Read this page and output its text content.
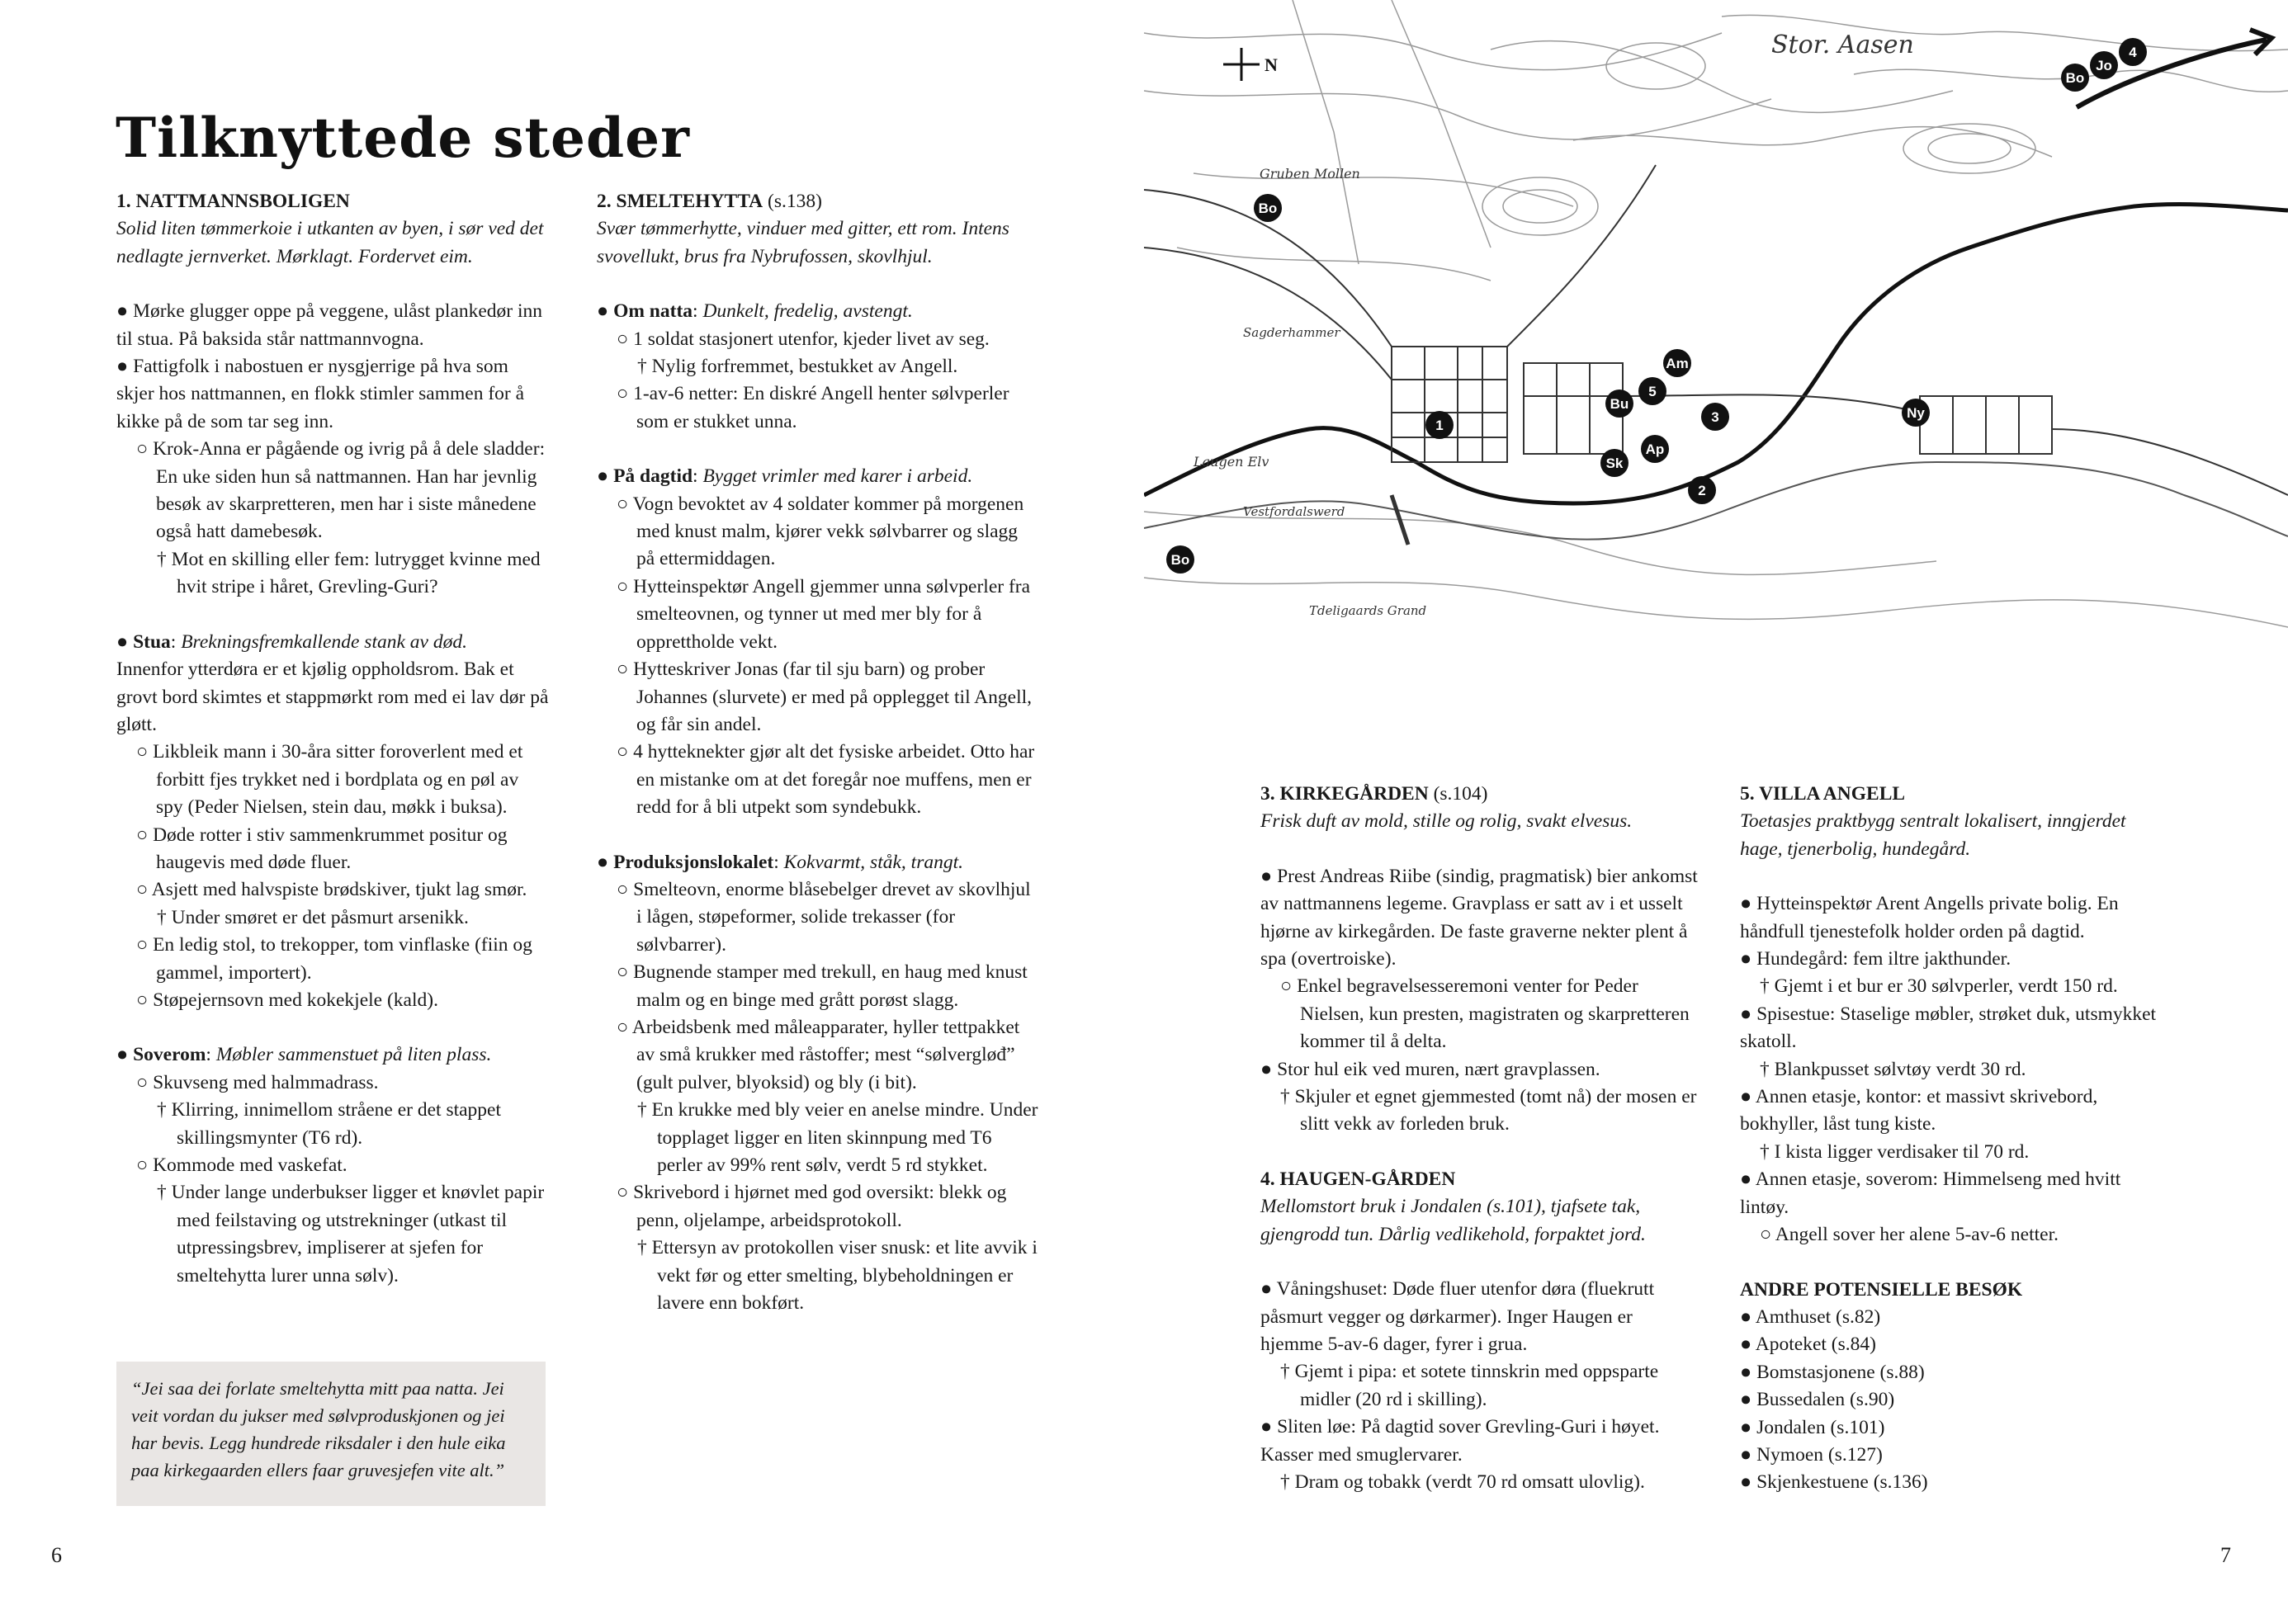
Tilknyttede steder

1. NATTMANNSBOLIGEN

Solid liten tømmerkoie i utkanten av byen, i sør ved det nedlagte jernverket. Mørklagt. Fordervet eim.

● Mørke glugger oppe på veggene, ulåst plankedør inn til stua. På baksida står nattmannvogna.

● Fattigfolk i nabostuen er nysgjerrige på hva som skjer hos nattmannen, en flokk stimler sammen for å kikke på de som tar seg inn.

○ Krok-Anna er pågående og ivrig på å dele sladder: En uke siden hun så nattmannen. Han har jevnlig besøk av skarpretteren, men har i siste månedene også hatt damebesøk.

† Mot en skilling eller fem: lutrygget kvinne med hvit stripe i håret, Grevling-Guri?

● Stua: Brekningsfremkallende stank av død.

Innenfor ytterdøra er et kjølig oppholdsrom. Bak et grovt bord skimtes et stappmørkt rom med ei lav dør på gløtt.

○ Likbleik mann i 30-åra sitter foroverlent med et forbitt fjes trykket ned i bordplata og en pøl av spy (Peder Nielsen, stein dau, møkk i buksa).

○ Døde rotter i stiv sammenkrummet positur og haugevis med døde fluer.

○ Asjett med halvspiste brødskiver, tjukt lag smør.

† Under smøret er det påsmurt arsenikk.

○ En ledig stol, to trekopper, tom vinflaske (fiin og gammel, importert).

○ Støpejernsovn med kokekjele (kald).

● Soverom: Møbler sammenstuet på liten plass.

○ Skuvseng med halmmadrass.

† Klirring, innimellom stråene er det stappet skillingsmynter (T6 rd).

○ Kommode med vaskefat.

† Under lange underbukser ligger et knøvlet papir med feilstaving og utstrekninger (utkast til utpressingsbrev, impliserer at sjefen for smeltehytta lurer unna sølv).

“Jei saa dei forlate smeltehytta mitt paa natta. Jei veit vordan du jukser med sølvproduskjonen og jei har bevis. Legg hundrede riksdaler i den hule eika paa kirkegaarden ellers faar gruvesjefen vite alt.”

2. SMELTEHYTTA (s.138)

Svær tømmerhytte, vinduer med gitter, ett rom. Intens svovellukt, brus fra Nybrufossen, skovlhjul.

● Om natta: Dunkelt, fredelig, avstengt.

○ 1 soldat stasjonert utenfor, kjeder livet av seg.

† Nylig forfremmet, bestukket av Angell.

○ 1-av-6 netter: En diskré Angell henter sølvperler som er stukket unna.

● På dagtid: Bygget vrimler med karer i arbeid.

○ Vogn bevoktet av 4 soldater kommer på morgenen med knust malm, kjører vekk sølvbarrer og slagg på ettermiddagen.

○ Hytteinspektør Angell gjemmer unna sølvperler fra smelteovnen, og tynner ut med mer bly for å opprettholde vekt.

○ Hytteskriver Jonas (far til sju barn) og prober Johannes (slurvete) er med på opplegget til Angell, og får sin andel.

○ 4 hytteknekter gjør alt det fysiske arbeidet. Otto har en mistanke om at det foregår noe muffens, men er redd for å bli utpekt som syndebukk.

● Produksjonslokalet: Kokvarmt, ståk, trangt.

○ Smelteovn, enorme blåsebelger drevet av skovlhjul i lågen, støpeformer, solide trekasser (for sølvbarrer).

○ Bugnende stamper med trekull, en haug med knust malm og en binge med grått porøst slagg.

○ Arbeidsbenk med måleapparater, hyller tettpakket av små krukker med råstoffer; mest “sølvergløđ” (gult pulver, blyoksid) og bly (i bit).

† En krukke med bly veier en anelse mindre. Under topplaget ligger en liten skinnpung med T6 perler av 99% rent sølv, verdt 5 rd stykket.

○ Skrivebord i hjørnet med god oversikt: blekk og penn, oljelampe, arbeidsprotokoll.

† Ettersyn av protokollen viser snusk: et lite avvik i vekt før og etter smelting, blybeholdningen er lavere enn bokført.

N
Stor. Aasen
Gruben Mollen
Sagderhammer
Laugen Elv
Vestfordalswerd
Tdeligaards Grand
Bo
Bo
Bo
Jo
4
1
Am
5
Bu
3
Ap
Sk
2
Ny

3. KIRKEGÅRDEN (s.104)

Frisk duft av mold, stille og rolig, svakt elvesus.

● Prest Andreas Riibe (sindig, pragmatisk) bier ankomst av nattmannens legeme. Gravplass er satt av i et usselt hjørne av kirkegården. De faste graverne nekter plent å spa (overtroiske).

○ Enkel begravelsesseremoni venter for Peder Nielsen, kun presten, magistraten og skarpretteren kommer til å delta.

● Stor hul eik ved muren, nært gravplassen.

† Skjuler et egnet gjemmested (tomt nå) der mosen er slitt vekk av forleden bruk.

4. HAUGEN-GÅRDEN

Mellomstort bruk i Jondalen (s.101), tjafsete tak, gjengrodd tun. Dårlig vedlikehold, forpaktet jord.

● Våningshuset: Døde fluer utenfor døra (fluekrutt påsmurt vegger og dørkarmer). Inger Haugen er hjemme 5-av-6 dager, fyrer i grua.

† Gjemt i pipa: et sotete tinnskrin med oppsparte midler (20 rd i skilling).

● Sliten løe: På dagtid sover Grevling-Guri i høyet. Kasser med smuglervarer.

† Dram og tobakk (verdt 70 rd omsatt ulovlig).

5. VILLA ANGELL

Toetasjes praktbygg sentralt lokalisert, inngjerdet hage, tjenerbolig, hundegård.

● Hytteinspektør Arent Angells private bolig. En håndfull tjenestefolk holder orden på dagtid.

● Hundegård: fem iltre jakthunder.

† Gjemt i et bur er 30 sølvperler, verdt 150 rd.

● Spisestue: Staselige møbler, strøket duk, utsmykket skatoll.

† Blankpusset sølvtøy verdt 30 rd.

● Annen etasje, kontor: et massivt skrivebord, bokhyller, låst tung kiste.

† I kista ligger verdisaker til 70 rd.

● Annen etasje, soverom: Himmelseng med hvitt lintøy.

○ Angell sover her alene 5-av-6 netter.

ANDRE POTENSIELLE BESØK

● Amthuset (s.82)

● Apoteket (s.84)

● Bomstasjonene (s.88)

● Bussedalen (s.90)

● Jondalen (s.101)

● Nymoen (s.127)

● Skjenkestuene (s.136)

6	7
